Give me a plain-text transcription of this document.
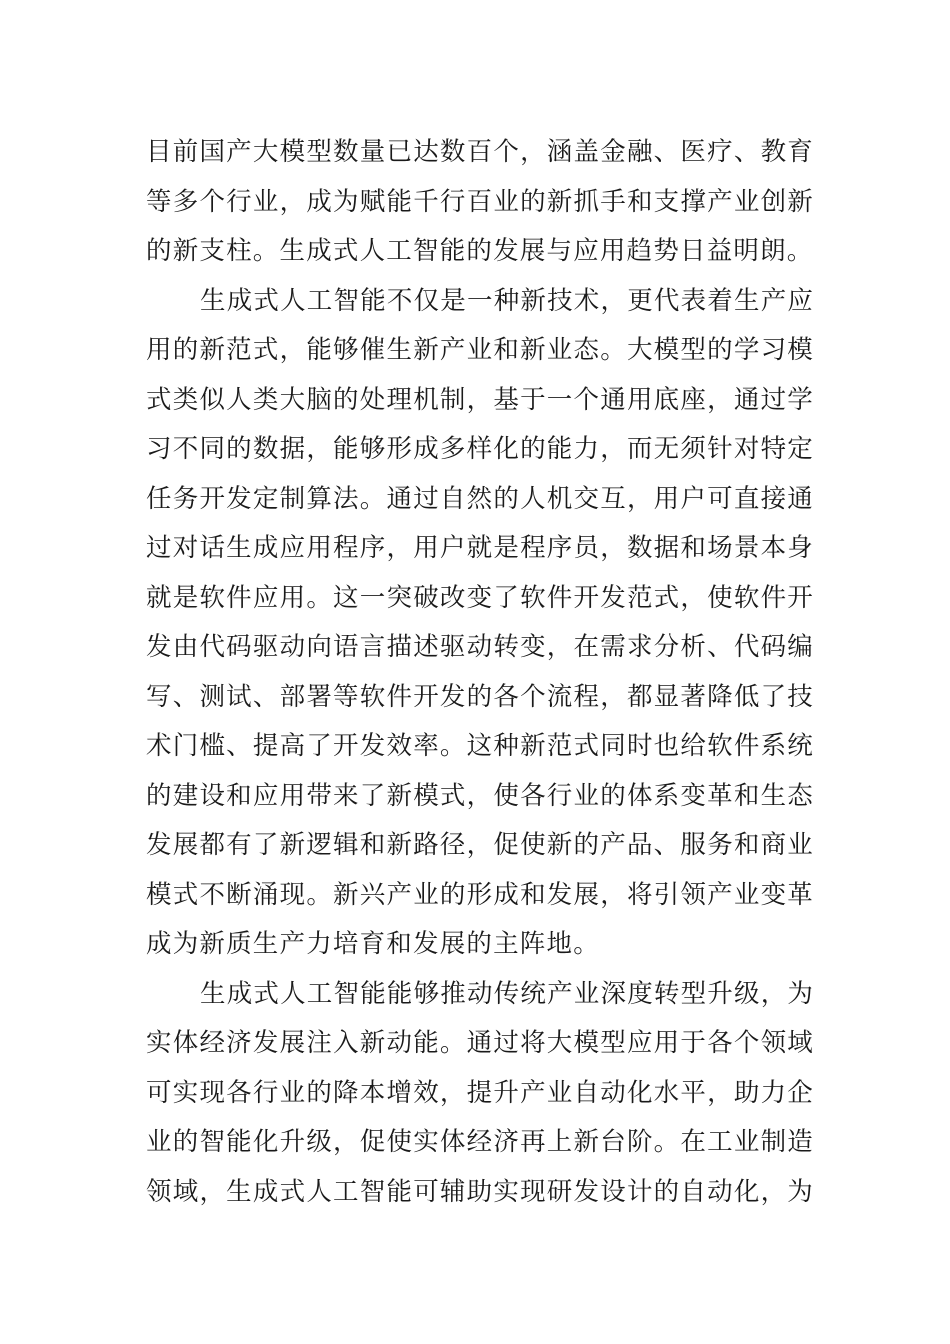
目前国产大模型数量已达数百个，涵盖金融、医疗、教育
等多个行业，成为赋能千行百业的新抓手和支撑产业创新
的新支柱。生成式人工智能的发展与应用趋势日益明朗。
生成式人工智能不仅是一种新技术，更代表着生产应
用的新范式，能够催生新产业和新业态。大模型的学习模
式类似人类大脑的处理机制，基于一个通用底座，通过学
习不同的数据，能够形成多样化的能力，而无须针对特定
任务开发定制算法。通过自然的人机交互，用户可直接通
过对话生成应用程序，用户就是程序员，数据和场景本身
就是软件应用。这一突破改变了软件开发范式，使软件开
发由代码驱动向语言描述驱动转变，在需求分析、代码编
写、测试、部署等软件开发的各个流程，都显著降低了技
术门槛、提高了开发效率。这种新范式同时也给软件系统
的建设和应用带来了新模式，使各行业的体系变革和生态
发展都有了新逻辑和新路径，促使新的产品、服务和商业
模式不断涌现。新兴产业的形成和发展，将引领产业变革
成为新质生产力培育和发展的主阵地。
生成式人工智能能够推动传统产业深度转型升级，为
实体经济发展注入新动能。通过将大模型应用于各个领域
可实现各行业的降本增效，提升产业自动化水平，助力企
业的智能化升级，促使实体经济再上新台阶。在工业制造
领域，生成式人工智能可辅助实现研发设计的自动化，为
